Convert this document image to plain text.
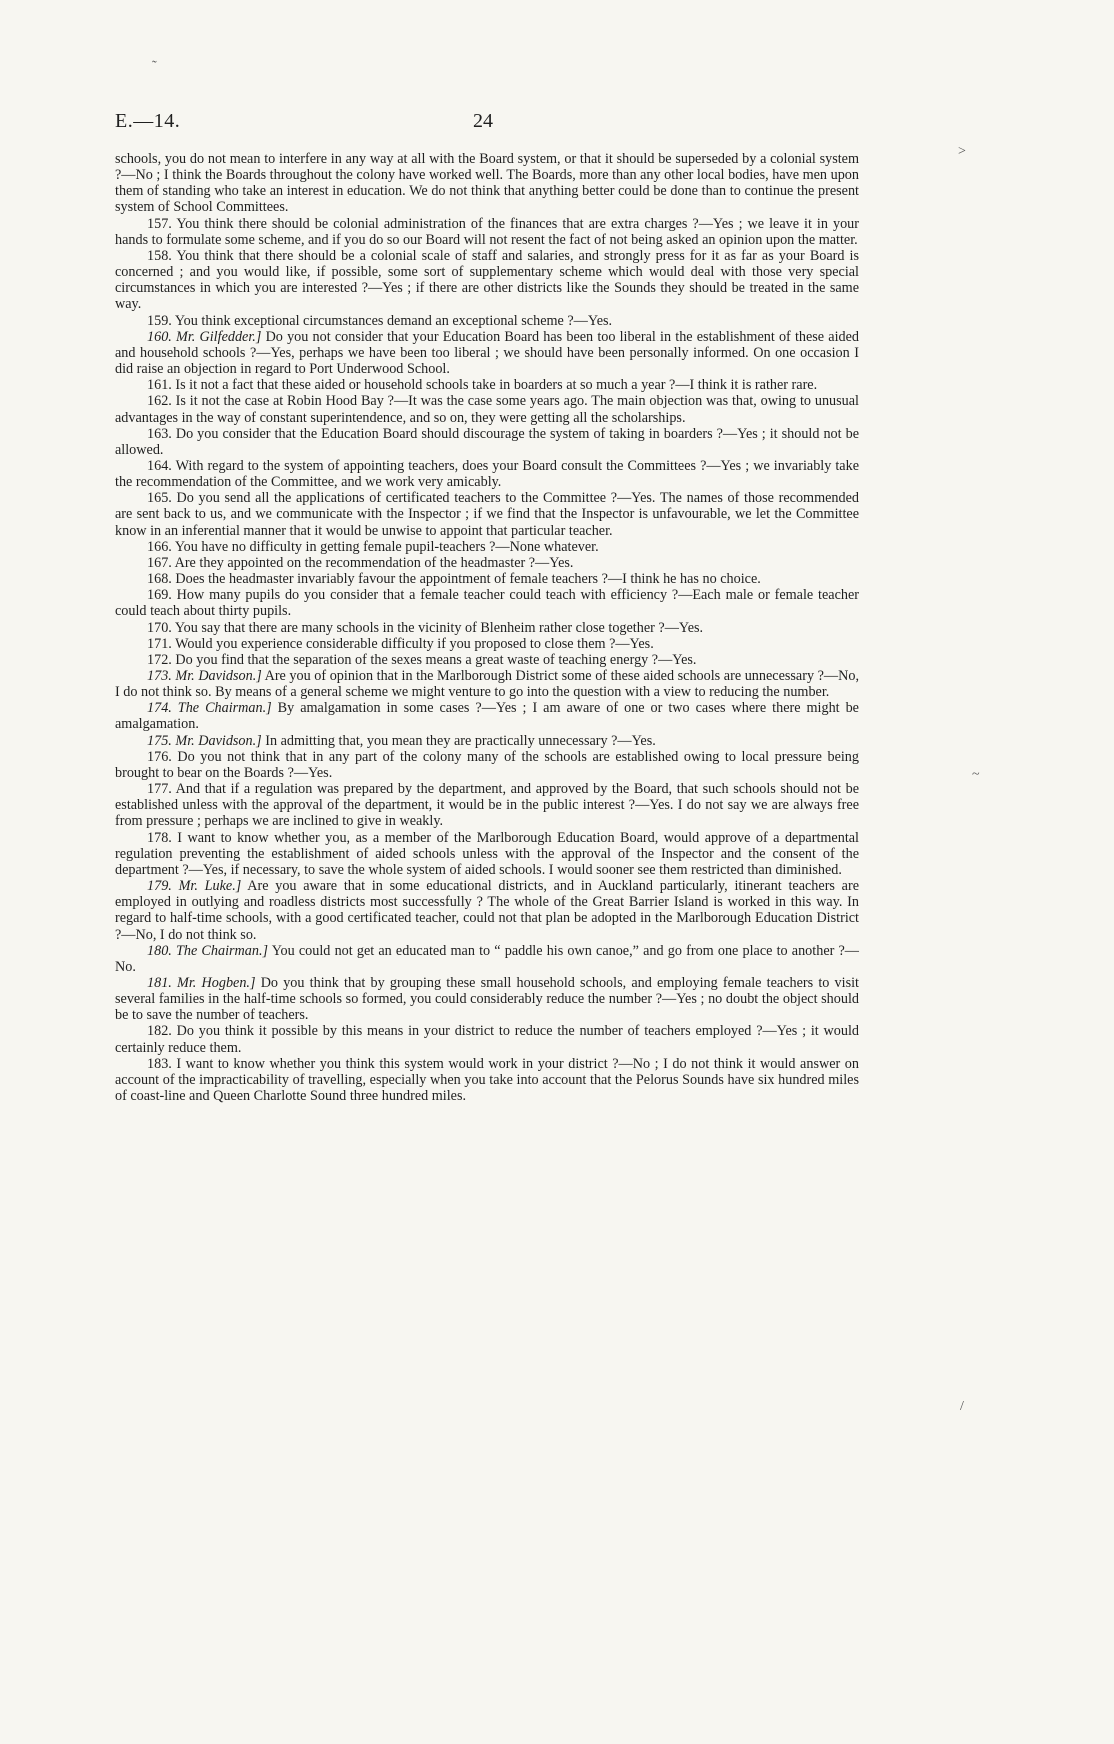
˜
>
~
/
E.—14.	24

schools, you do not mean to interfere in any way at all with the Board system, or that it should be superseded by a colonial system ?—No ; I think the Boards throughout the colony have worked well. The Boards, more than any other local bodies, have men upon them of standing who take an interest in education. We do not think that anything better could be done than to continue the present system of School Committees.

157. You think there should be colonial administration of the finances that are extra charges ?—Yes ; we leave it in your hands to formulate some scheme, and if you do so our Board will not resent the fact of not being asked an opinion upon the matter.

158. You think that there should be a colonial scale of staff and salaries, and strongly press for it as far as your Board is concerned ; and you would like, if possible, some sort of supplementary scheme which would deal with those very special circumstances in which you are interested ?—Yes ; if there are other districts like the Sounds they should be treated in the same way.

159. You think exceptional circumstances demand an exceptional scheme ?—Yes.

160. Mr. Gilfedder.] Do you not consider that your Education Board has been too liberal in the establishment of these aided and household schools ?—Yes, perhaps we have been too liberal ; we should have been personally informed. On one occasion I did raise an objection in regard to Port Underwood School.

161. Is it not a fact that these aided or household schools take in boarders at so much a year ?—I think it is rather rare.

162. Is it not the case at Robin Hood Bay ?—It was the case some years ago. The main objection was that, owing to unusual advantages in the way of constant superintendence, and so on, they were getting all the scholarships.

163. Do you consider that the Education Board should discourage the system of taking in boarders ?—Yes ; it should not be allowed.

164. With regard to the system of appointing teachers, does your Board consult the Committees ?—Yes ; we invariably take the recommendation of the Committee, and we work very amicably.

165. Do you send all the applications of certificated teachers to the Committee ?—Yes. The names of those recommended are sent back to us, and we communicate with the Inspector ; if we find that the Inspector is unfavourable, we let the Committee know in an inferential manner that it would be unwise to appoint that particular teacher.

166. You have no difficulty in getting female pupil-teachers ?—None whatever.

167. Are they appointed on the recommendation of the headmaster ?—Yes.

168. Does the headmaster invariably favour the appointment of female teachers ?—I think he has no choice.

169. How many pupils do you consider that a female teacher could teach with efficiency ?—Each male or female teacher could teach about thirty pupils.

170. You say that there are many schools in the vicinity of Blenheim rather close together ?—Yes.

171. Would you experience considerable difficulty if you proposed to close them ?—Yes.

172. Do you find that the separation of the sexes means a great waste of teaching energy ?—Yes.

173. Mr. Davidson.] Are you of opinion that in the Marlborough District some of these aided schools are unnecessary ?—No, I do not think so. By means of a general scheme we might venture to go into the question with a view to reducing the number.

174. The Chairman.] By amalgamation in some cases ?—Yes ; I am aware of one or two cases where there might be amalgamation.

175. Mr. Davidson.] In admitting that, you mean they are practically unnecessary ?—Yes.

176. Do you not think that in any part of the colony many of the schools are established owing to local pressure being brought to bear on the Boards ?—Yes.

177. And that if a regulation was prepared by the department, and approved by the Board, that such schools should not be established unless with the approval of the department, it would be in the public interest ?—Yes. I do not say we are always free from pressure ; perhaps we are inclined to give in weakly.

178. I want to know whether you, as a member of the Marlborough Education Board, would approve of a departmental regulation preventing the establishment of aided schools unless with the approval of the Inspector and the consent of the department ?—Yes, if necessary, to save the whole system of aided schools. I would sooner see them restricted than diminished.

179. Mr. Luke.] Are you aware that in some educational districts, and in Auckland particularly, itinerant teachers are employed in outlying and roadless districts most successfully ? The whole of the Great Barrier Island is worked in this way. In regard to half-time schools, with a good certificated teacher, could not that plan be adopted in the Marlborough Education District ?—No, I do not think so.

180. The Chairman.] You could not get an educated man to “ paddle his own canoe,” and go from one place to another ?—No.

181. Mr. Hogben.] Do you think that by grouping these small household schools, and employing female teachers to visit several families in the half-time schools so formed, you could considerably reduce the number ?—Yes ; no doubt the object should be to save the number of teachers.

182. Do you think it possible by this means in your district to reduce the number of teachers employed ?—Yes ; it would certainly reduce them.

183. I want to know whether you think this system would work in your district ?—No ; I do not think it would answer on account of the impracticability of travelling, especially when you take into account that the Pelorus Sounds have six hundred miles of coast-line and Queen Charlotte Sound three hundred miles.
